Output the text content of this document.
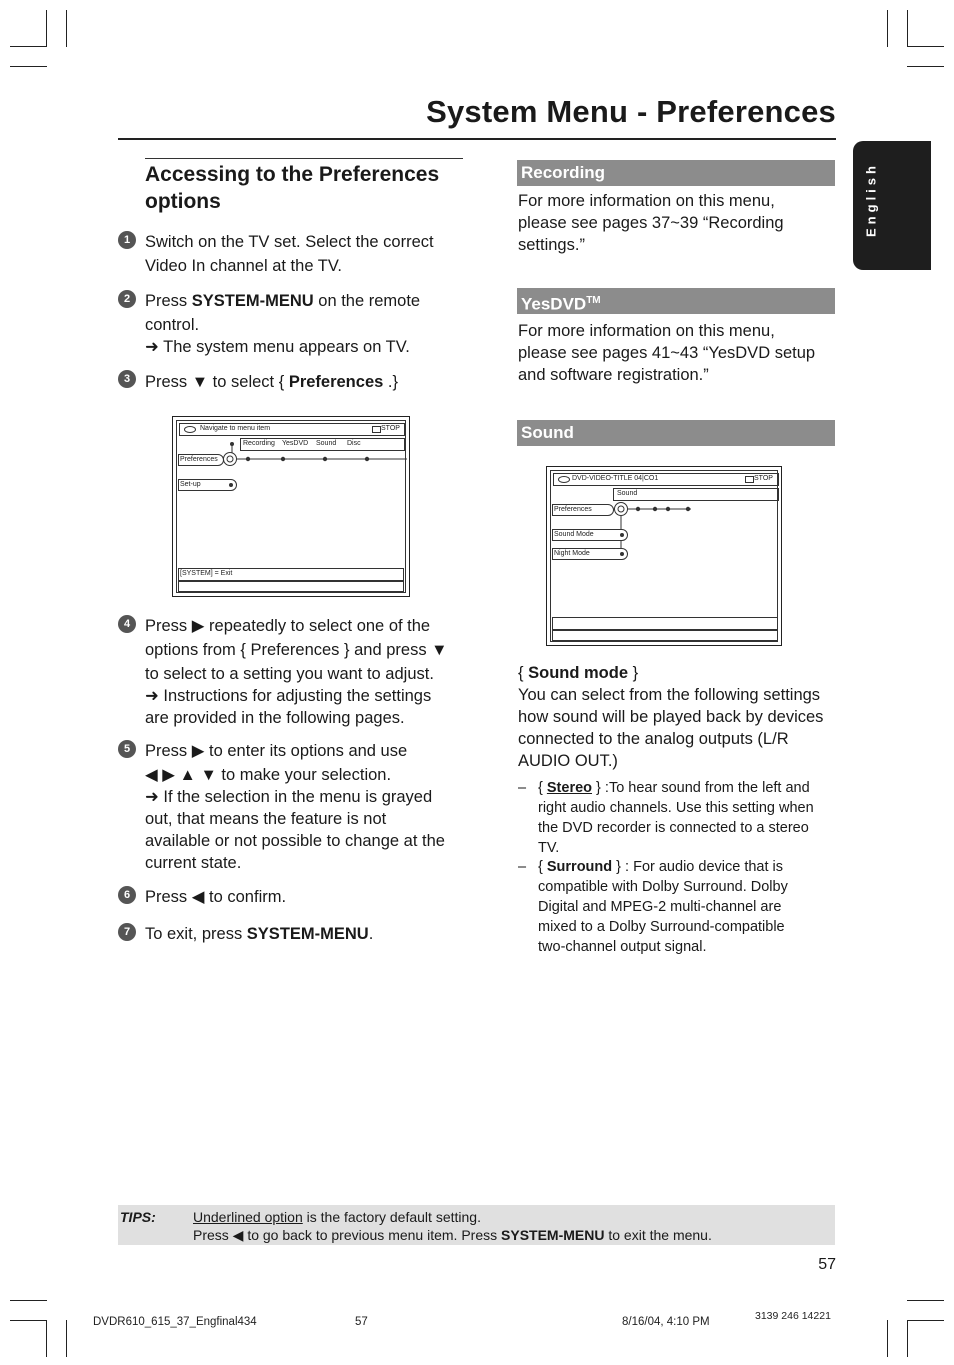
System Menu - Preferences
English
Accessing to the Preferences options
1 Switch on the TV set. Select the correct
Video In channel at the TV.
2 Press SYSTEM-MENU on the remote
control.
➜ The system menu appears on TV.
3 Press ▼ to select { Preferences .}
Navigate to menu item	STOP
Recording YesDVD Sound Disc
Preferences
Set-up
[SYSTEM] = Exit
4 Press ▶ repeatedly to select one of the
options from { Preferences } and press ▼
to select to a setting you want to adjust.
➜ Instructions for adjusting the settings
are provided in the following pages.
5 Press ▶ to enter its options and use
◀ ▶ ▲ ▼ to make your selection.
➜ If the selection in the menu is grayed
out, that means the feature is not
available or not possible to change at the
current state.
6 Press ◀ to confirm.
7 To exit, press SYSTEM-MENU.
Recording
For more information on this menu,
please see pages 37~39 “Recording
settings.”
YesDVD™
For more information on this menu,
please see pages 41~43 “YesDVD setup
and software registration.”
Sound
DVD-VIDEO-TITLE 04|CO1	STOP
Sound
Preferences
Sound Mode
Night Mode
{ Sound mode }
You can select from the following settings
how sound will be played back by devices
connected to the analog outputs (L/R
AUDIO OUT.)
– { Stereo } :To hear sound from the left and
right audio channels. Use this setting when
the DVD recorder is connected to a stereo
TV.
– { Surround } : For audio device that is
compatible with Dolby Surround. Dolby
Digital and MPEG-2 multi-channel are
mixed to a Dolby Surround-compatible
two-channel output signal.
TIPS:	Underlined option is the factory default setting.
Press ◀ to go back to previous menu item. Press SYSTEM-MENU to exit the menu.
57
DVDR610_615_37_Engfinal434	57	8/16/04, 4:10 PM	3139 246 14221
